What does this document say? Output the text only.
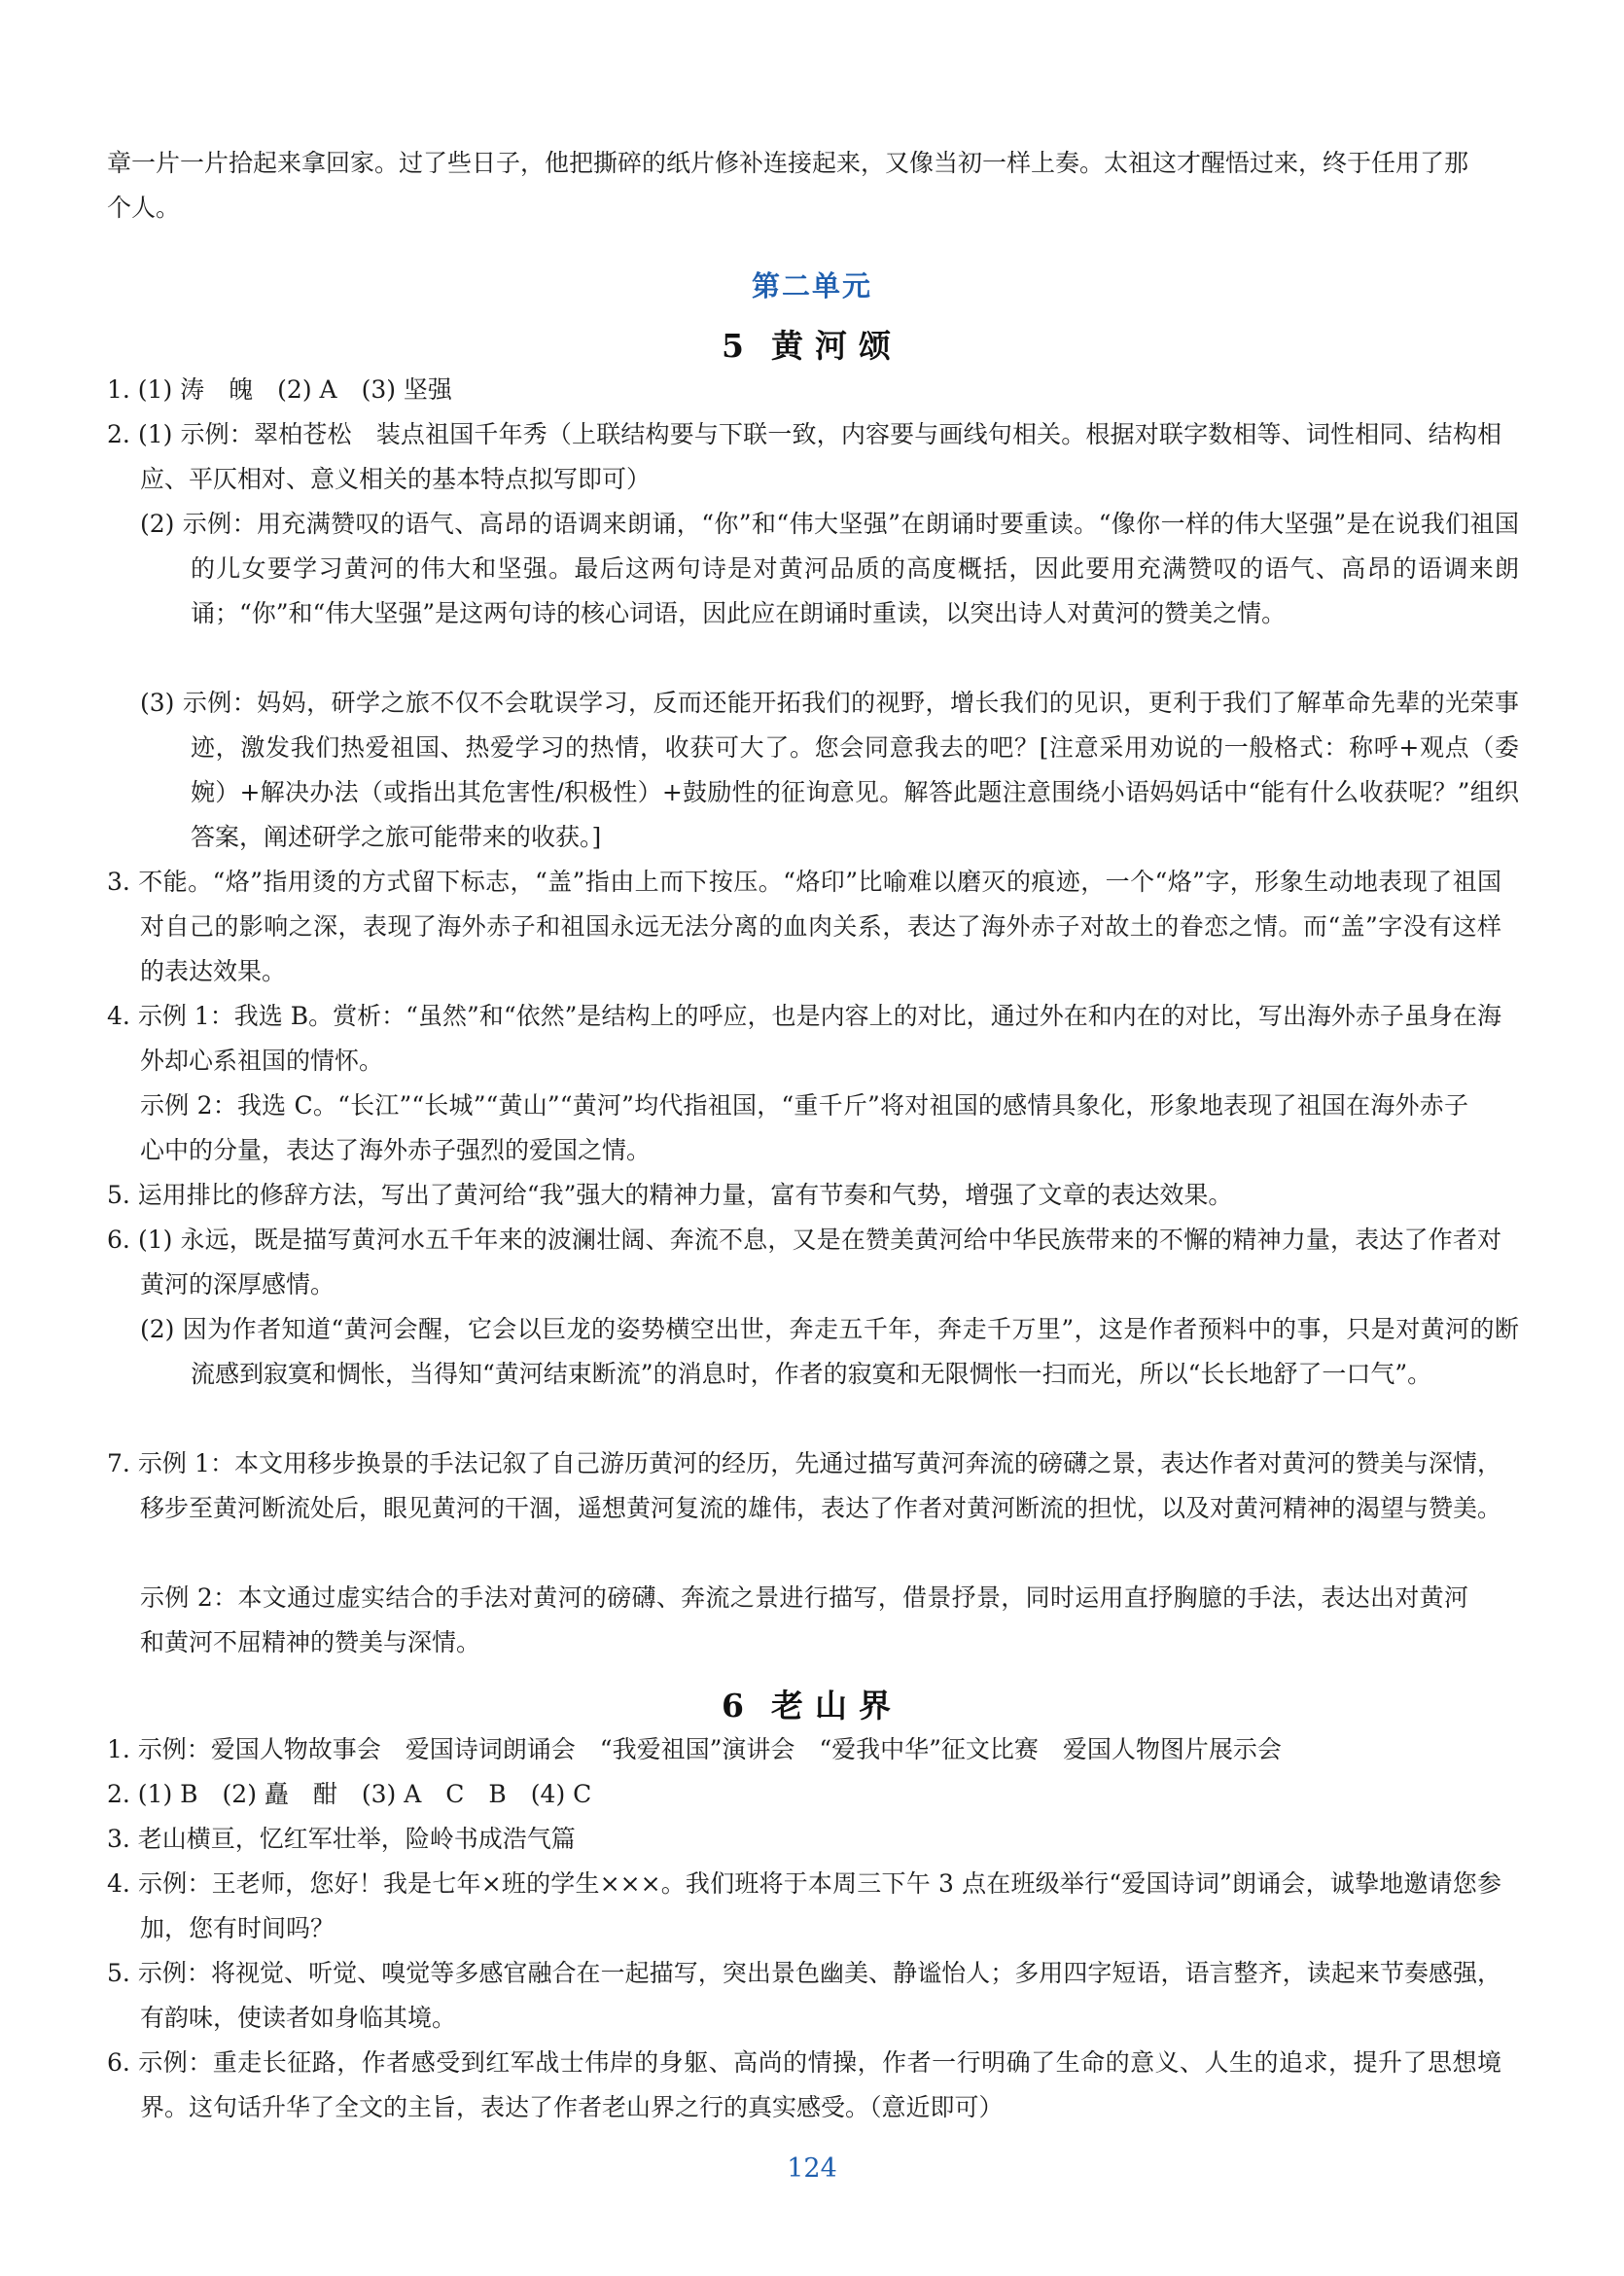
章一片一片拾起来拿回家。过了些日子，他把撕碎的纸片修补连接起来，又像当初一样上奏。太祖这才醒悟过来，终于任用了那个人。
第二单元
5 黄河颂
1. (1) 涛　魄　(2) A　(3) 坚强
2. (1) 示例：翠柏苍松　装点祖国千年秀（上联结构要与下联一致，内容要与画线句相关。根据对联字数相等、词性相同、结构相应、平仄相对、意义相关的基本特点拟写即可）
(2) 示例：用充满赞叹的语气、高昂的语调来朗诵，“你”和“伟大坚强”在朗诵时要重读。“像你一样的伟大坚强”是在说我们祖国的儿女要学习黄河的伟大和坚强。最后这两句诗是对黄河品质的高度概括，因此要用充满赞叹的语气、高昂的语调来朗诵；“你”和“伟大坚强”是这两句诗的核心词语，因此应在朗诵时重读，以突出诗人对黄河的赞美之情。
(3) 示例：妈妈，研学之旅不仅不会耽误学习，反而还能开拓我们的视野，增长我们的见识，更利于我们了解革命先辈的光荣事迹，激发我们热爱祖国、热爱学习的热情，收获可大了。您会同意我去的吧？[注意采用劝说的一般格式：称呼+观点（委婉）+解决办法（或指出其危害性/积极性）+鼓励性的征询意见。解答此题注意围绕小语妈妈话中“能有什么收获呢？”组织答案，阐述研学之旅可能带来的收获。]
3. 不能。“烙”指用烫的方式留下标志，“盖”指由上而下按压。“烙印”比喻难以磨灭的痕迹，一个“烙”字，形象生动地表现了祖国对自己的影响之深，表现了海外赤子和祖国永远无法分离的血肉关系，表达了海外赤子对故土的眷恋之情。而“盖”字没有这样的表达效果。
4. 示例 1：我选 B。赏析：“虽然”和“依然”是结构上的呼应，也是内容上的对比，通过外在和内在的对比，写出海外赤子虽身在海外却心系祖国的情怀。
示例 2：我选 C。“长江”“长城”“黄山”“黄河”均代指祖国，“重千斤”将对祖国的感情具象化，形象地表现了祖国在海外赤子心中的分量，表达了海外赤子强烈的爱国之情。
5. 运用排比的修辞方法，写出了黄河给“我”强大的精神力量，富有节奏和气势，增强了文章的表达效果。
6. (1) 永远，既是描写黄河水五千年来的波澜壮阔、奔流不息，又是在赞美黄河给中华民族带来的不懈的精神力量，表达了作者对黄河的深厚感情。
(2) 因为作者知道“黄河会醒，它会以巨龙的姿势横空出世，奔走五千年，奔走千万里”，这是作者预料中的事，只是对黄河的断流感到寂寞和惆怅，当得知“黄河结束断流”的消息时，作者的寂寞和无限惆怅一扫而光，所以“长长地舒了一口气”。
7. 示例 1：本文用移步换景的手法记叙了自己游历黄河的经历，先通过描写黄河奔流的磅礴之景，表达作者对黄河的赞美与深情，移步至黄河断流处后，眼见黄河的干涸，遥想黄河复流的雄伟，表达了作者对黄河断流的担忧，以及对黄河精神的渴望与赞美。
示例 2：本文通过虚实结合的手法对黄河的磅礴、奔流之景进行描写，借景抒景，同时运用直抒胸臆的手法，表达出对黄河和黄河不屈精神的赞美与深情。
6 老山界
1. 示例：爱国人物故事会　爱国诗词朗诵会　“我爱祖国”演讲会　“爱我中华”征文比赛　爱国人物图片展示会
2. (1) B　(2) 矗　酣　(3) A　C　B　(4) C
3. 老山横亘，忆红军壮举，险岭书成浩气篇
4. 示例：王老师，您好！我是七年×班的学生×××。我们班将于本周三下午 3 点在班级举行“爱国诗词”朗诵会，诚挚地邀请您参加，您有时间吗？
5. 示例：将视觉、听觉、嗅觉等多感官融合在一起描写，突出景色幽美、静谧怡人；多用四字短语，语言整齐，读起来节奏感强，有韵味，使读者如身临其境。
6. 示例：重走长征路，作者感受到红军战士伟岸的身躯、高尚的情操，作者一行明确了生命的意义、人生的追求，提升了思想境界。这句话升华了全文的主旨，表达了作者老山界之行的真实感受。（意近即可）
124
